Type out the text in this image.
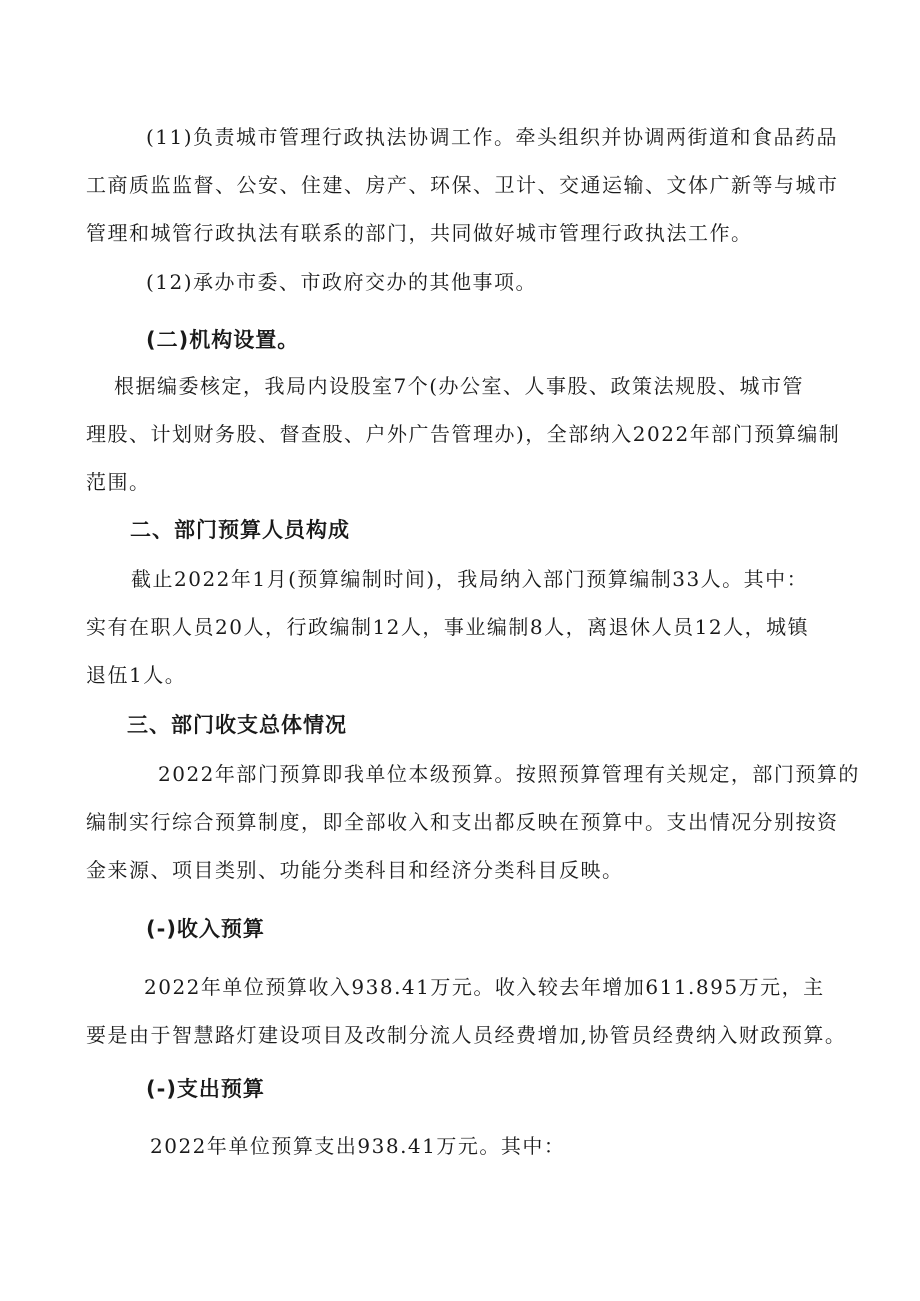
(11)负责城市管理行政执法协调工作。牵头组织并协调两街道和食品药品
工商质监监督、公安、住建、房产、环保、卫计、交通运输、文体广新等与城市
管理和城管行政执法有联系的部门，共同做好城市管理行政执法工作。
(12)承办市委、市政府交办的其他事项。
(二)机构设置。
根据编委核定，我局内设股室7个(办公室、人事股、政策法规股、城市管
理股、计划财务股、督查股、户外广告管理办)，全部纳入2022年部门预算编制
范围。
二、部门预算人员构成
截止2022年1月(预算编制时间)，我局纳入部门预算编制33人。其中：
实有在职人员20人，行政编制12人，事业编制8人，离退休人员12人，城镇
退伍1人。
三、部门收支总体情况
2022年部门预算即我单位本级预算。按照预算管理有关规定，部门预算的
编制实行综合预算制度，即全部收入和支出都反映在预算中。支出情况分别按资
金来源、项目类别、功能分类科目和经济分类科目反映。
(-)收入预算
2022年单位预算收入938.41万元。收入较去年增加611.895万元，主
要是由于智慧路灯建设项目及改制分流人员经费增加,协管员经费纳入财政预算。
(-)支出预算
2022年单位预算支出938.41万元。其中：
